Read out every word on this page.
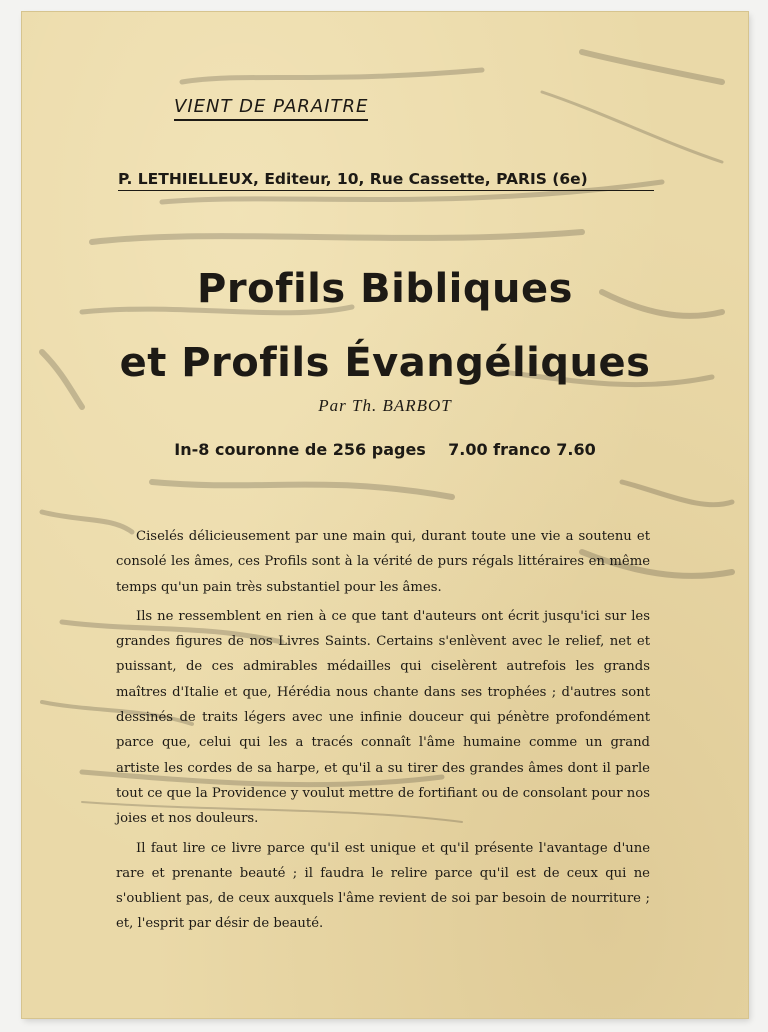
VIENT DE PARAITRE
P. LETHIELLEUX, Editeur, 10, Rue Cassette, PARIS (6e)
Profils Bibliques
et Profils Évangéliques
Par Th. BARBOT
In-8 couronne de 256 pages    7.00 franco 7.60

Ciselés délicieusement par une main qui, durant toute une vie a soutenu et consolé les âmes, ces Profils sont à la vérité de purs régals littéraires en même temps qu'un pain très substantiel pour les âmes.

Ils ne ressemblent en rien à ce que tant d'auteurs ont écrit jusqu'ici sur les grandes figures de nos Livres Saints. Certains s'enlèvent avec le relief, net et puissant, de ces admirables médailles qui ciselèrent autrefois les grands maîtres d'Italie et que, Hérédia nous chante dans ses trophées ; d'autres sont dessinés de traits légers avec une infinie douceur qui pénètre profondément parce que, celui qui les a tracés connaît l'âme humaine comme un grand artiste les cordes de sa harpe, et qu'il a su tirer des grandes âmes dont il parle tout ce que la Providence y voulut mettre de fortifiant ou de consolant pour nos joies et nos douleurs.

Il faut lire ce livre parce qu'il est unique et qu'il présente l'avantage d'une rare et prenante beauté ; il faudra le relire parce qu'il est de ceux qui ne s'oublient pas, de ceux auxquels l'âme revient de soi par besoin de nourriture ; et, l'esprit par désir de beauté.
